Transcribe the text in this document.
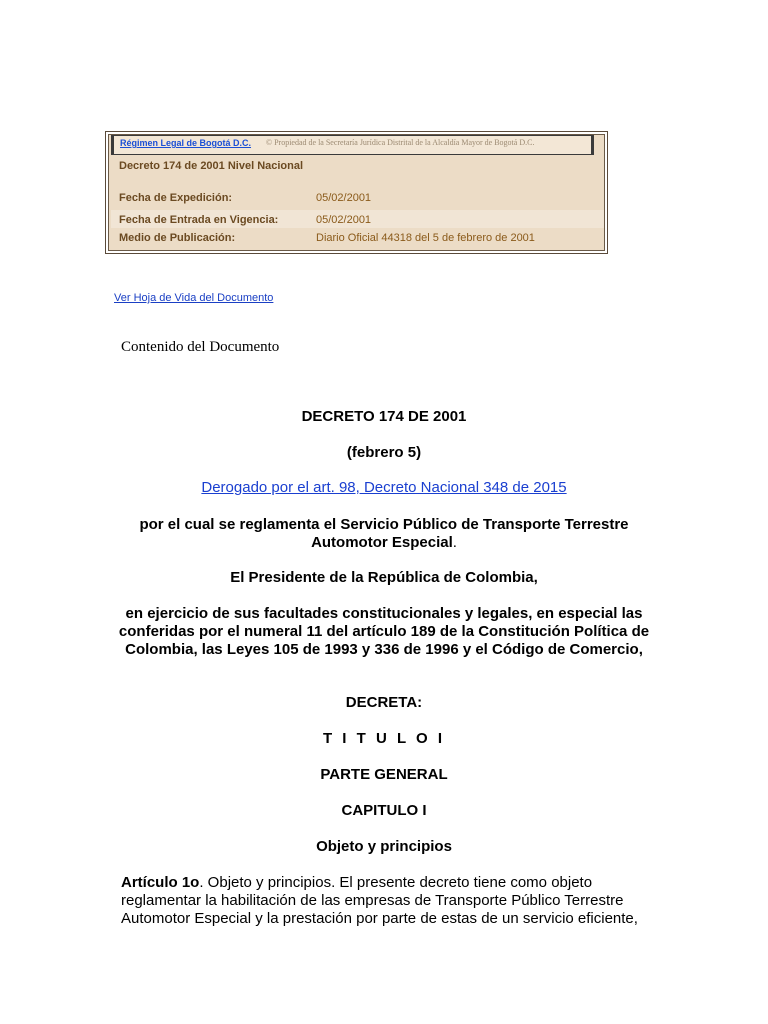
Régimen Legal de Bogotá D.C. © Propiedad de la Secretaría Jurídica Distrital de la Alcaldía Mayor de Bogotá D.C.
Decreto 174 de 2001 Nivel Nacional
Fecha de Expedición:	05/02/2001
Fecha de Entrada en Vigencia:	05/02/2001
Medio de Publicación:	Diario Oficial 44318 del 5 de febrero de 2001
Ver Hoja de Vida del Documento
Contenido del Documento
DECRETO 174 DE 2001
(febrero 5)
Derogado por el art. 98, Decreto Nacional 348 de 2015
por el cual se reglamenta el Servicio Público de Transporte Terrestre Automotor Especial.
El Presidente de la República de Colombia,
en ejercicio de sus facultades constitucionales y legales, en especial las conferidas por el numeral 11 del artículo 189 de la Constitución Política de Colombia, las Leyes 105 de 1993 y 336 de 1996 y el Código de Comercio,
DECRETA:
T I T U L O I
PARTE GENERAL
CAPITULO I
Objeto y principios
Artículo 1o. Objeto y principios. El presente decreto tiene como objeto reglamentar la habilitación de las empresas de Transporte Público Terrestre Automotor Especial y la prestación por parte de estas de un servicio eficiente,
